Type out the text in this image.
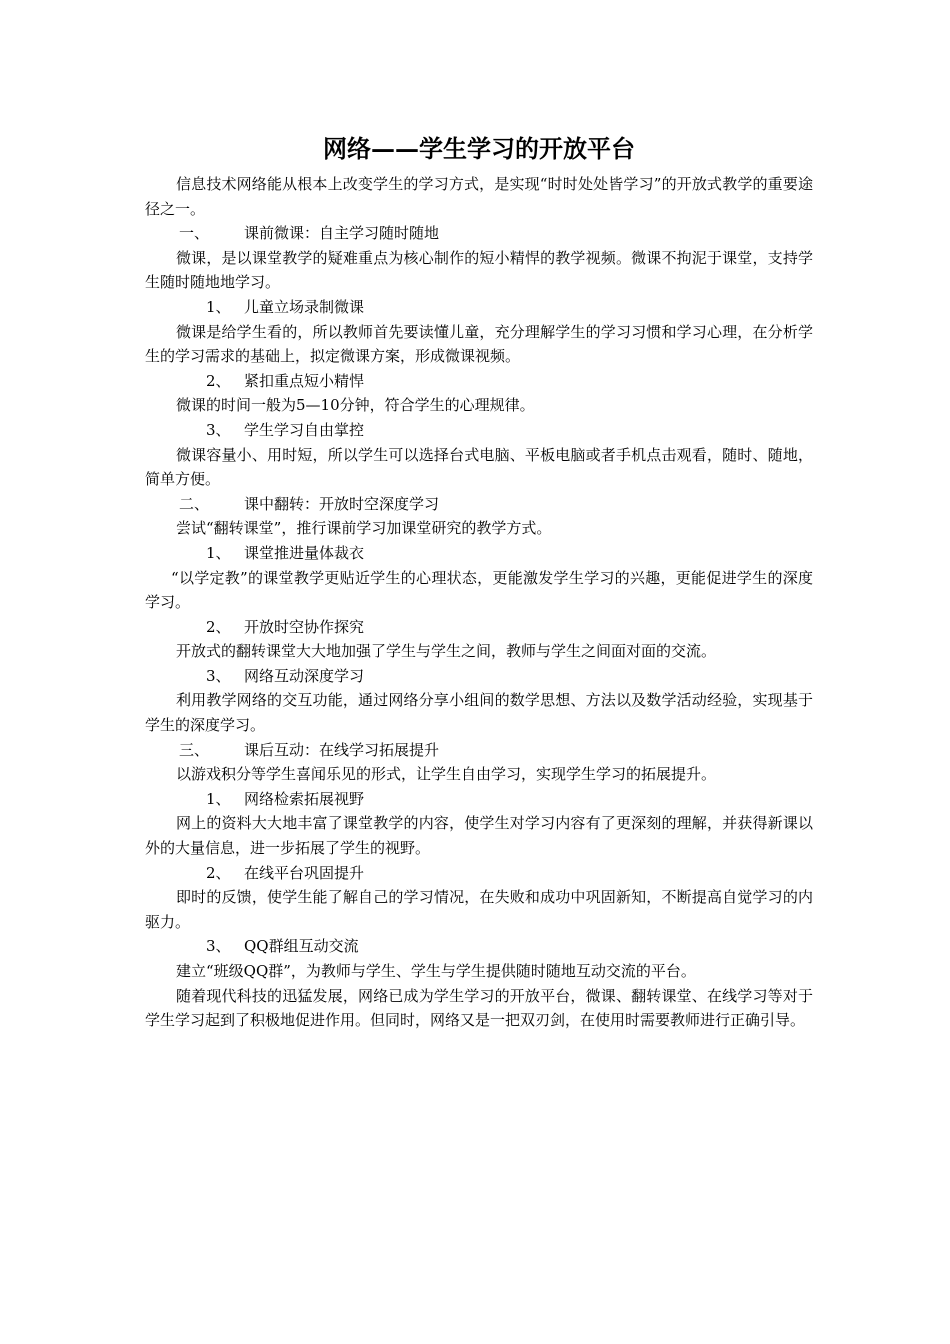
网络——学生学习的开放平台

信息技术网络能从根本上改变学生的学习方式，是实现“时时处处皆学习”的开放式教学的重要途径之一。

一、 课前微课：自主学习随时随地

微课，是以课堂教学的疑难重点为核心制作的短小精悍的教学视频。微课不拘泥于课堂，支持学生随时随地地学习。

1、 儿童立场录制微课

微课是给学生看的，所以教师首先要读懂儿童，充分理解学生的学习习惯和学习心理，在分析学生的学习需求的基础上，拟定微课方案，形成微课视频。

2、 紧扣重点短小精悍

微课的时间一般为5—10分钟，符合学生的心理规律。

3、 学生学习自由掌控

微课容量小、用时短，所以学生可以选择台式电脑、平板电脑或者手机点击观看，随时、随地，简单方便。

二、 课中翻转：开放时空深度学习

尝试“翻转课堂”，推行课前学习加课堂研究的教学方式。

1、 课堂推进量体裁衣

“以学定教”的课堂教学更贴近学生的心理状态，更能激发学生学习的兴趣，更能促进学生的深度学习。

2、 开放时空协作探究

开放式的翻转课堂大大地加强了学生与学生之间，教师与学生之间面对面的交流。

3、 网络互动深度学习

利用教学网络的交互功能，通过网络分享小组间的数学思想、方法以及数学活动经验，实现基于学生的深度学习。

三、 课后互动：在线学习拓展提升

以游戏积分等学生喜闻乐见的形式，让学生自由学习，实现学生学习的拓展提升。

1、 网络检索拓展视野

网上的资料大大地丰富了课堂教学的内容，使学生对学习内容有了更深刻的理解，并获得新课以外的大量信息，进一步拓展了学生的视野。

2、 在线平台巩固提升

即时的反馈，使学生能了解自己的学习情况，在失败和成功中巩固新知，不断提高自觉学习的内驱力。

3、 QQ群组互动交流

建立“班级QQ群”，为教师与学生、学生与学生提供随时随地互动交流的平台。

随着现代科技的迅猛发展，网络已成为学生学习的开放平台，微课、翻转课堂、在线学习等对于学生学习起到了积极地促进作用。但同时，网络又是一把双刃剑，在使用时需要教师进行正确引导。
